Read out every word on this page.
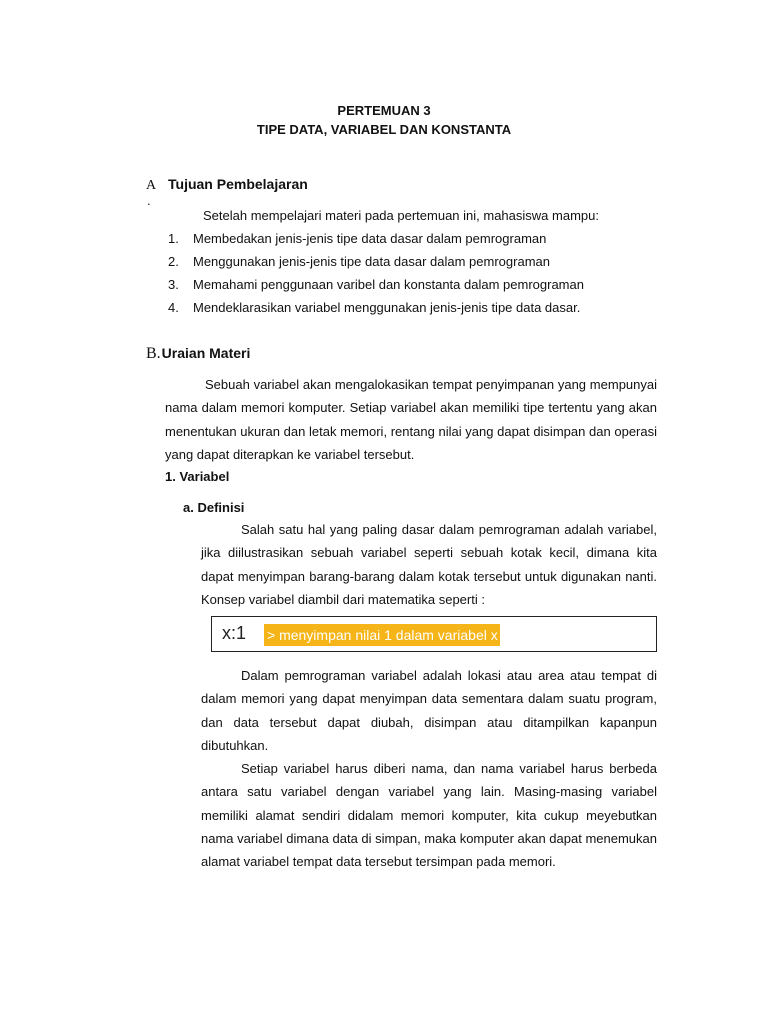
PERTEMUAN 3
TIPE DATA, VARIABEL DAN KONSTANTA
A Tujuan Pembelajaran
.
Setelah mempelajari materi pada pertemuan ini, mahasiswa mampu:
1. Membedakan jenis-jenis tipe data dasar dalam pemrograman
2. Menggunakan jenis-jenis tipe data dasar dalam pemrograman
3. Memahami penggunaan varibel dan konstanta dalam pemrograman
4. Mendeklarasikan variabel menggunakan jenis-jenis tipe data dasar.
B.Uraian Materi

Sebuah variabel akan mengalokasikan tempat penyimpanan yang mempunyai nama dalam memori komputer. Setiap variabel akan memiliki tipe tertentu yang akan menentukan ukuran dan letak memori, rentang nilai yang dapat disimpan dan operasi yang dapat diterapkan ke variabel tersebut.

1. Variabel
a. Definisi

Salah satu hal yang paling dasar dalam pemrograman adalah variabel, jika diilustrasikan sebuah variabel seperti sebuah kotak kecil, dimana kita dapat menyimpan barang-barang dalam kotak tersebut untuk digunakan nanti. Konsep variabel diambil dari matematika seperti :

x:1 > menyimpan nilai 1 dalam variabel x

Dalam pemrograman variabel adalah lokasi atau area atau tempat di dalam memori yang dapat menyimpan data sementara dalam suatu program, dan data tersebut dapat diubah, disimpan atau ditampilkan kapanpun dibutuhkan.

Setiap variabel harus diberi nama, dan nama variabel harus berbeda antara satu variabel dengan variabel yang lain. Masing-masing variabel memiliki alamat sendiri didalam memori komputer, kita cukup meyebutkan nama variabel dimana data di simpan, maka komputer akan dapat menemukan alamat variabel tempat data tersebut tersimpan pada memori.
